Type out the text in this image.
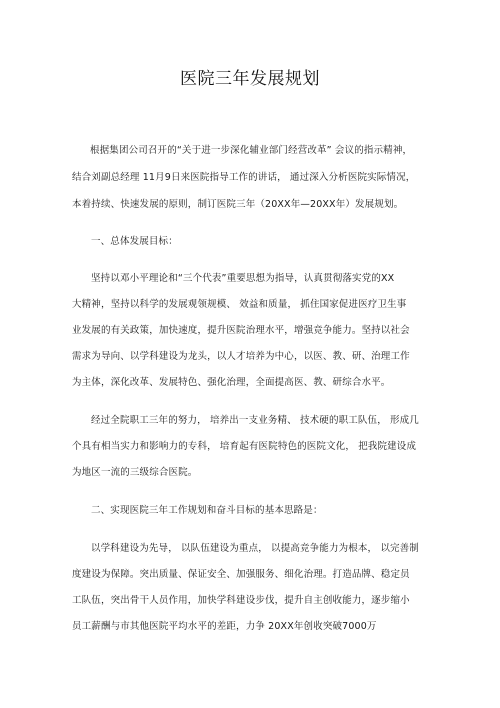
医院三年发展规划
根据集团公司召开的“关于进一步深化辅业部门经营改革” 会议的指示精神，
结合刘副总经理 11月9日来医院指导工作的讲话， 通过深入分析医院实际情况，
本着持续、快速发展的原则，制订医院三年（20XX年—20XX年）发展规划。
一、总体发展目标：
坚持以邓小平理论和“三个代表”重要思想为指导，认真贯彻落实党的XX
大精神，坚持以科学的发展观领规模、 效益和质量， 抓住国家促进医疗卫生事
业发展的有关政策，加快速度，提升医院治理水平，增强竞争能力。坚持以社会
需求为导向、以学科建设为龙头，以人才培养为中心，以医、教、研、治理工作
为主体，深化改革、发展特色、强化治理，全面提高医、教、研综合水平。
经过全院职工三年的努力， 培养出一支业务精、 技术硬的职工队伍， 形成几
个具有相当实力和影响力的专科， 培育起有医院特色的医院文化， 把我院建设成
为地区一流的三级综合医院。
二、实现医院三年工作规划和奋斗目标的基本思路是：
以学科建设为先导， 以队伍建设为重点， 以提高竞争能力为根本， 以完善制
度建设为保障。突出质量、保证安全、加强服务、细化治理。打造品牌、稳定员
工队伍，突出骨干人员作用，加快学科建设步伐，提升自主创收能力，逐步缩小
员工薪酬与市其他医院平均水平的差距，力争 20XX年创收突破7000万
